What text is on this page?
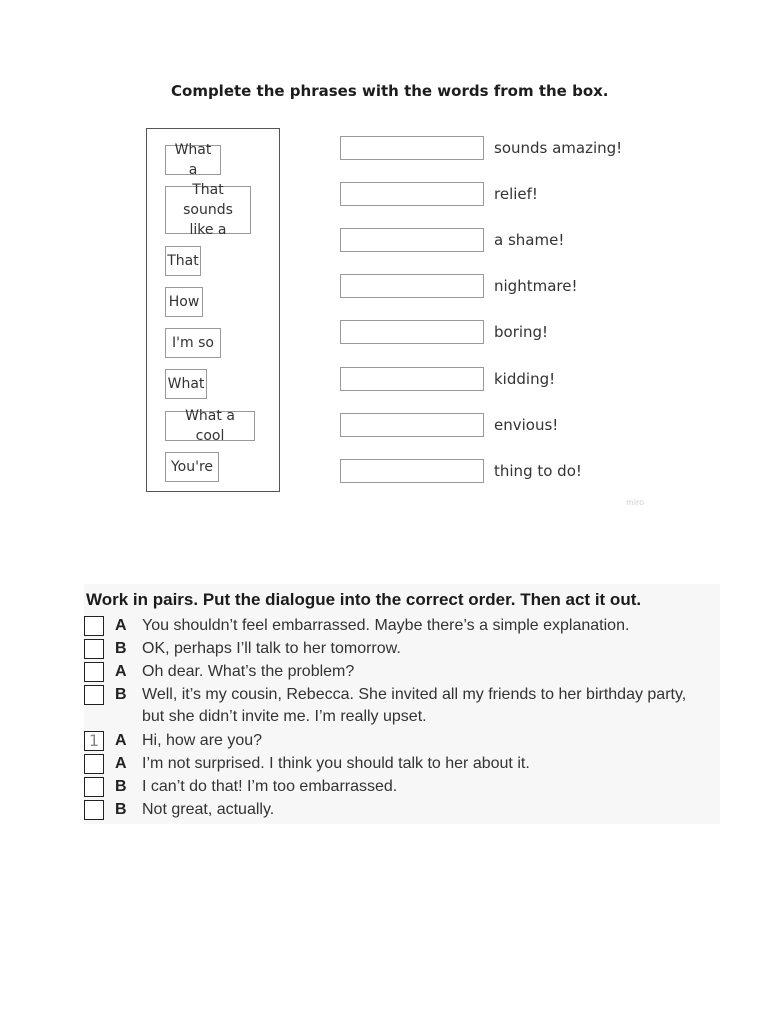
Complete the phrases with the words from the box.
What a
That sounds like a
That
How
I'm so
What
What a cool
You're
sounds amazing!
relief!
a shame!
nightmare!
boring!
kidding!
envious!
thing to do!
miro
Work in pairs. Put the dialogue into the correct order. Then act it out.
A You shouldn’t feel embarrassed. Maybe there’s a simple explanation.
B OK, perhaps I’ll talk to her tomorrow.
A Oh dear. What’s the problem?
B Well, it’s my cousin, Rebecca. She invited all my friends to her birthday party,
but she didn’t invite me. I’m really upset.
1 A Hi, how are you?
A I’m not surprised. I think you should talk to her about it.
B I can’t do that! I’m too embarrassed.
B Not great, actually.
